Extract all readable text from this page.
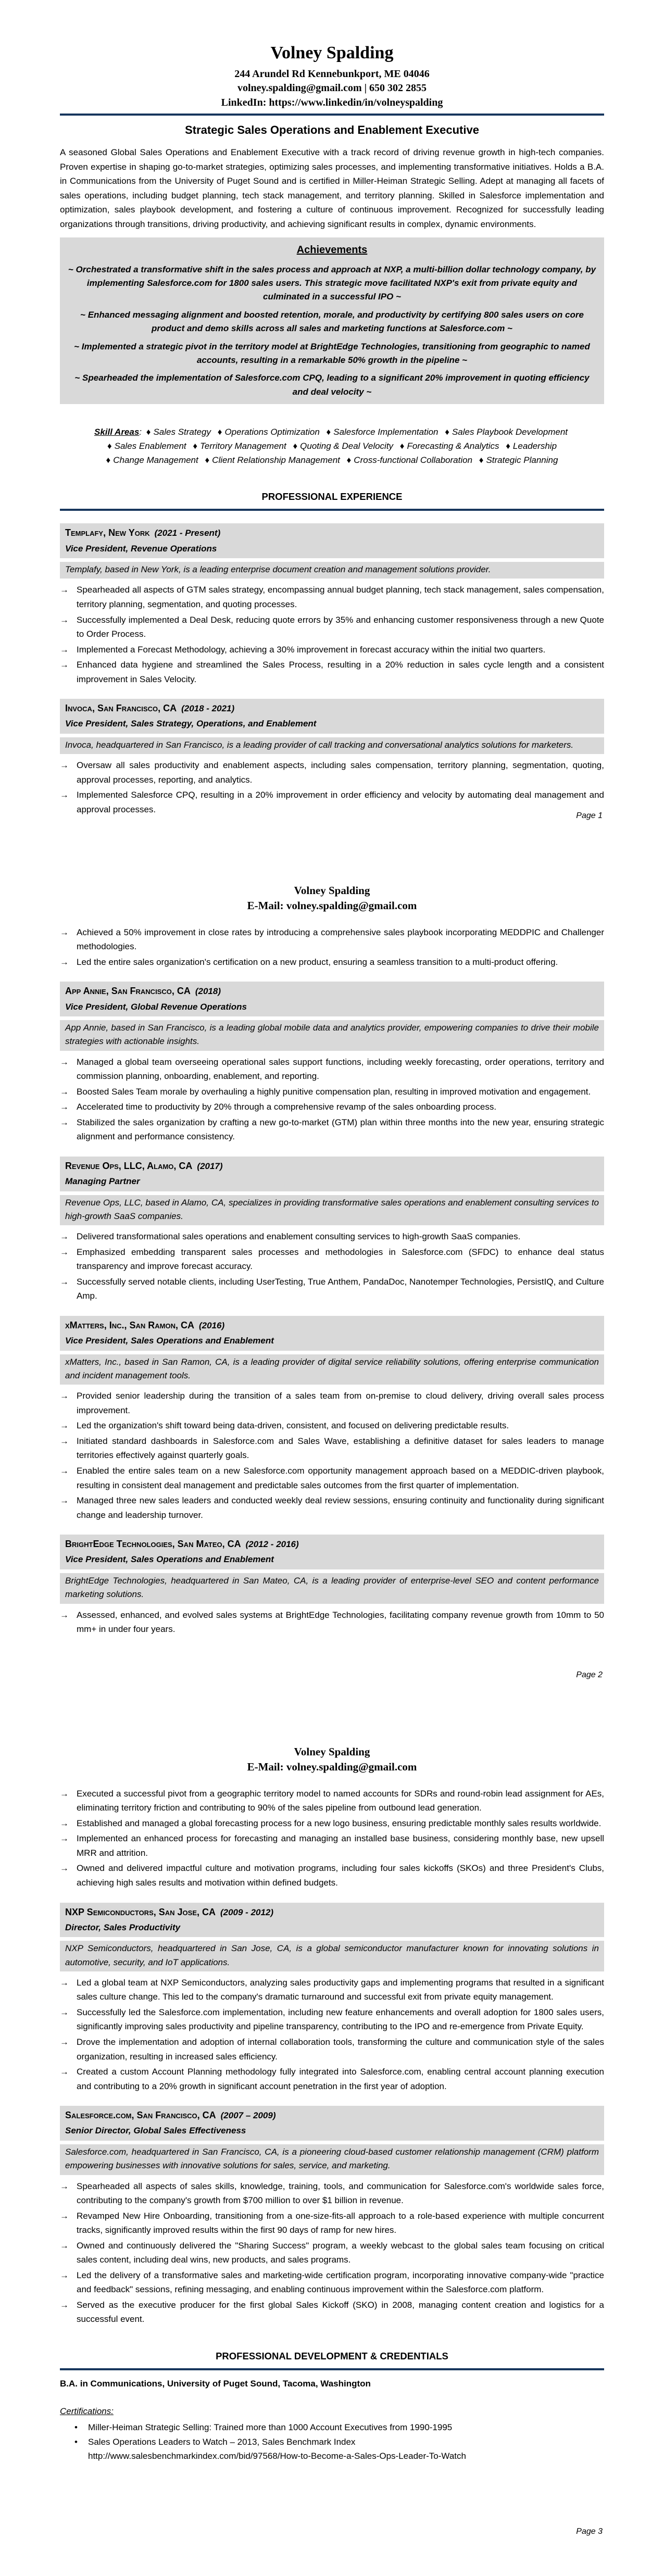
Volney Spalding
244 Arundel Rd Kennebunkport, ME 04046
volney.spalding@gmail.com | 650 302 2855
LinkedIn: https://www.linkedin/in/volneyspalding
Strategic Sales Operations and Enablement Executive

A seasoned Global Sales Operations and Enablement Executive with a track record of driving revenue growth in high-tech companies. Proven expertise in shaping go-to-market strategies, optimizing sales processes, and implementing transformative initiatives. Holds a B.A. in Communications from the University of Puget Sound and is certified in Miller-Heiman Strategic Selling. Adept at managing all facets of sales operations, including budget planning, tech stack management, and territory planning. Skilled in Salesforce implementation and optimization, sales playbook development, and fostering a culture of continuous improvement. Recognized for successfully leading organizations through transitions, driving productivity, and achieving significant results in complex, dynamic environments.

Achievements

~ Orchestrated a transformative shift in the sales process and approach at NXP, a multi-billion dollar technology company, by implementing Salesforce.com for 1800 sales users. This strategic move facilitated NXP's exit from private equity and culminated in a successful IPO ~

~ Enhanced messaging alignment and boosted retention, morale, and productivity by certifying 800 sales users on core product and demo skills across all sales and marketing functions at Salesforce.com ~

~ Implemented a strategic pivot in the territory model at BrightEdge Technologies, transitioning from geographic to named accounts, resulting in a remarkable 50% growth in the pipeline ~

~ Spearheaded the implementation of Salesforce.com CPQ, leading to a significant 20% improvement in quoting efficiency and deal velocity ~

Skill Areas: ♦ Sales Strategy ♦ Operations Optimization ♦ Salesforce Implementation ♦ Sales Playbook Development ♦ Sales Enablement ♦ Territory Management ♦ Quoting & Deal Velocity ♦ Forecasting & Analytics ♦ Leadership ♦ Change Management ♦ Client Relationship Management ♦ Cross-functional Collaboration ♦ Strategic Planning

PROFESSIONAL EXPERIENCE
Templafy, New York (2021 - Present)
Vice President, Revenue Operations
Templafy, based in New York, is a leading enterprise document creation and management solutions provider.
→ Spearheaded all aspects of GTM sales strategy, encompassing annual budget planning, tech stack management, sales compensation, territory planning, segmentation, and quoting processes.
→ Successfully implemented a Deal Desk, reducing quote errors by 35% and enhancing customer responsiveness through a new Quote to Order Process.
→ Implemented a Forecast Methodology, achieving a 30% improvement in forecast accuracy within the initial two quarters.
→ Enhanced data hygiene and streamlined the Sales Process, resulting in a 20% reduction in sales cycle length and a consistent improvement in Sales Velocity.
Invoca, San Francisco, CA (2018 - 2021)
Vice President, Sales Strategy, Operations, and Enablement
Invoca, headquartered in San Francisco, is a leading provider of call tracking and conversational analytics solutions for marketers.
→ Oversaw all sales productivity and enablement aspects, including sales compensation, territory planning, segmentation, quoting, approval processes, reporting, and analytics.
→ Implemented Salesforce CPQ, resulting in a 20% improvement in order efficiency and velocity by automating deal management and approval processes.
Page 1
Volney Spalding
E-Mail: volney.spalding@gmail.com
→ Achieved a 50% improvement in close rates by introducing a comprehensive sales playbook incorporating MEDDPIC and Challenger methodologies.
→ Led the entire sales organization's certification on a new product, ensuring a seamless transition to a multi-product offering.
App Annie, San Francisco, CA (2018)
Vice President, Global Revenue Operations
App Annie, based in San Francisco, is a leading global mobile data and analytics provider, empowering companies to drive their mobile strategies with actionable insights.
→ Managed a global team overseeing operational sales support functions, including weekly forecasting, order operations, territory and commission planning, onboarding, enablement, and reporting.
→ Boosted Sales Team morale by overhauling a highly punitive compensation plan, resulting in improved motivation and engagement.
→ Accelerated time to productivity by 20% through a comprehensive revamp of the sales onboarding process.
→ Stabilized the sales organization by crafting a new go-to-market (GTM) plan within three months into the new year, ensuring strategic alignment and performance consistency.
Revenue Ops, LLC, Alamo, CA (2017)
Managing Partner
Revenue Ops, LLC, based in Alamo, CA, specializes in providing transformative sales operations and enablement consulting services to high-growth SaaS companies.
→ Delivered transformational sales operations and enablement consulting services to high-growth SaaS companies.
→ Emphasized embedding transparent sales processes and methodologies in Salesforce.com (SFDC) to enhance deal status transparency and improve forecast accuracy.
→ Successfully served notable clients, including UserTesting, True Anthem, PandaDoc, Nanotemper Technologies, PersistIQ, and Culture Amp.
xMatters, Inc., San Ramon, CA (2016)
Vice President, Sales Operations and Enablement
xMatters, Inc., based in San Ramon, CA, is a leading provider of digital service reliability solutions, offering enterprise communication and incident management tools.
→ Provided senior leadership during the transition of a sales team from on-premise to cloud delivery, driving overall sales process improvement.
→ Led the organization's shift toward being data-driven, consistent, and focused on delivering predictable results.
→ Initiated standard dashboards in Salesforce.com and Sales Wave, establishing a definitive dataset for sales leaders to manage territories effectively against quarterly goals.
→ Enabled the entire sales team on a new Salesforce.com opportunity management approach based on a MEDDIC-driven playbook, resulting in consistent deal management and predictable sales outcomes from the first quarter of implementation.
→ Managed three new sales leaders and conducted weekly deal review sessions, ensuring continuity and functionality during significant change and leadership turnover.
BrightEdge Technologies, San Mateo, CA (2012 - 2016)
Vice President, Sales Operations and Enablement
BrightEdge Technologies, headquartered in San Mateo, CA, is a leading provider of enterprise-level SEO and content performance marketing solutions.
→ Assessed, enhanced, and evolved sales systems at BrightEdge Technologies, facilitating company revenue growth from 10mm to 50 mm+ in under four years.
Page 2
Volney Spalding
E-Mail: volney.spalding@gmail.com
→ Executed a successful pivot from a geographic territory model to named accounts for SDRs and round-robin lead assignment for AEs, eliminating territory friction and contributing to 90% of the sales pipeline from outbound lead generation.
→ Established and managed a global forecasting process for a new logo business, ensuring predictable monthly sales results worldwide.
→ Implemented an enhanced process for forecasting and managing an installed base business, considering monthly base, new upsell MRR and attrition.
→ Owned and delivered impactful culture and motivation programs, including four sales kickoffs (SKOs) and three President's Clubs, achieving high sales results and motivation within defined budgets.
NXP Semiconductors, San Jose, CA (2009 - 2012)
Director, Sales Productivity
NXP Semiconductors, headquartered in San Jose, CA, is a global semiconductor manufacturer known for innovating solutions in automotive, security, and IoT applications.
→ Led a global team at NXP Semiconductors, analyzing sales productivity gaps and implementing programs that resulted in a significant sales culture change. This led to the company's dramatic turnaround and successful exit from private equity management.
→ Successfully led the Salesforce.com implementation, including new feature enhancements and overall adoption for 1800 sales users, significantly improving sales productivity and pipeline transparency, contributing to the IPO and re-emergence from Private Equity.
→ Drove the implementation and adoption of internal collaboration tools, transforming the culture and communication style of the sales organization, resulting in increased sales efficiency.
→ Created a custom Account Planning methodology fully integrated into Salesforce.com, enabling central account planning execution and contributing to a 20% growth in significant account penetration in the first year of adoption.
Salesforce.com, San Francisco, CA (2007 – 2009)
Senior Director, Global Sales Effectiveness
Salesforce.com, headquartered in San Francisco, CA, is a pioneering cloud-based customer relationship management (CRM) platform empowering businesses with innovative solutions for sales, service, and marketing.
→ Spearheaded all aspects of sales skills, knowledge, training, tools, and communication for Salesforce.com's worldwide sales force, contributing to the company's growth from $700 million to over $1 billion in revenue.
→ Revamped New Hire Onboarding, transitioning from a one-size-fits-all approach to a role-based experience with multiple concurrent tracks, significantly improved results within the first 90 days of ramp for new hires.
→ Owned and continuously delivered the "Sharing Success" program, a weekly webcast to the global sales team focusing on critical sales content, including deal wins, new products, and sales programs.
→ Led the delivery of a transformative sales and marketing-wide certification program, incorporating innovative company-wide "practice and feedback" sessions, refining messaging, and enabling continuous improvement within the Salesforce.com platform.
→ Served as the executive producer for the first global Sales Kickoff (SKO) in 2008, managing content creation and logistics for a successful event.
PROFESSIONAL DEVELOPMENT & CREDENTIALS

B.A. in Communications, University of Puget Sound, Tacoma, Washington

Certifications:

•	Miller-Heiman Strategic Selling: Trained more than 1000 Account Executives from 1990-1995
•	Sales Operations Leaders to Watch – 2013, Sales Benchmark Index
http://www.salesbenchmarkindex.com/bid/97568/How-to-Become-a-Sales-Ops-Leader-To-Watch
Page 3
